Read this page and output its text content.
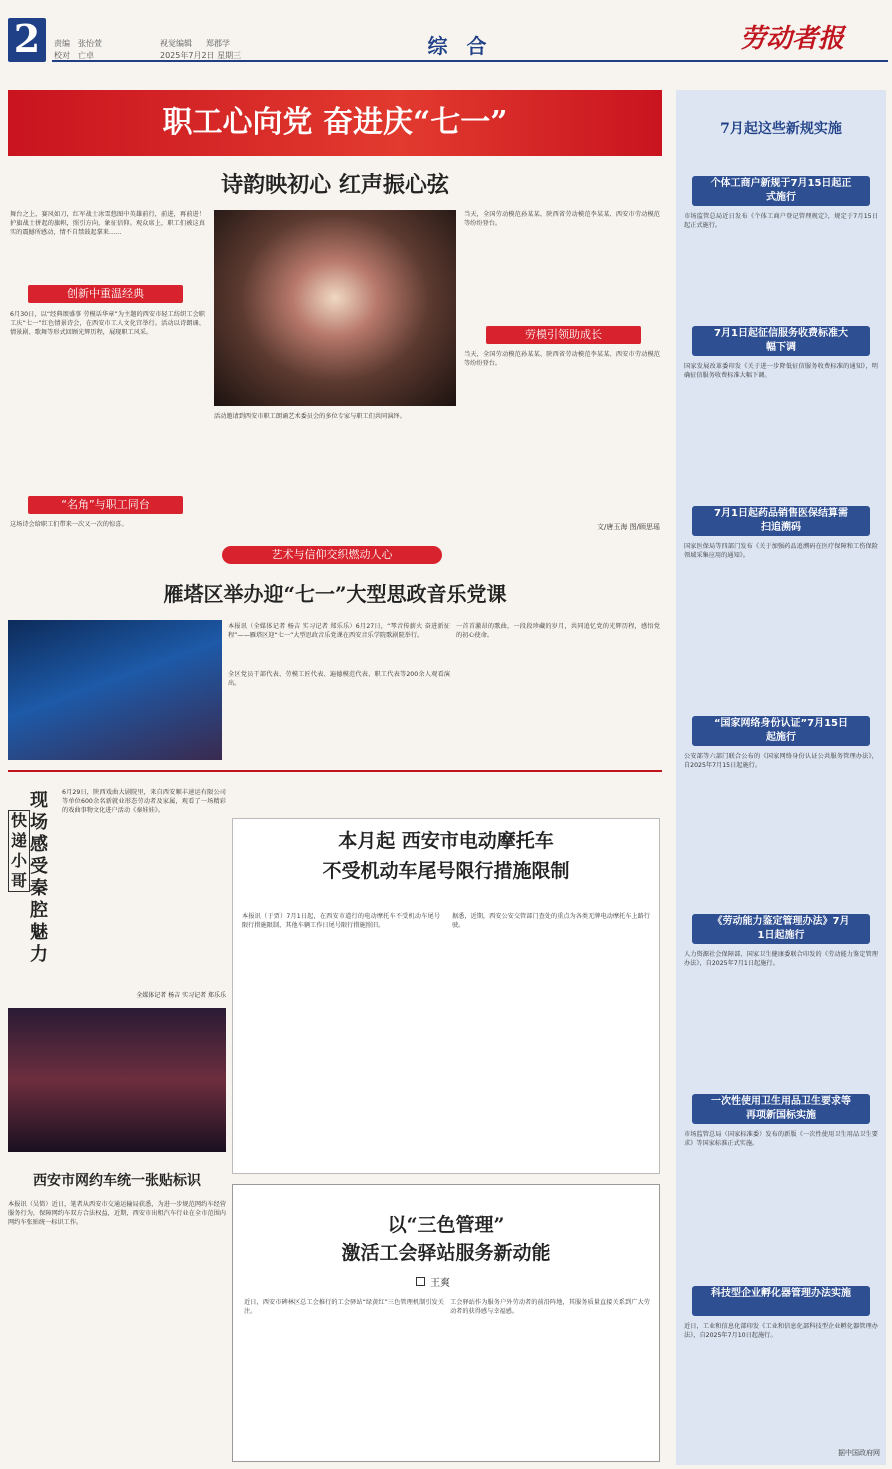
2	责编 张怡萱
校对 亡卓
视觉编辑 郑郡学
2025年7月2日 星期三	综 合	劳动者报
职工心向党 奋进庆“七一”
诗韵映初心 红声振心弦
舞台之上，赛风如刀，红军战士冰雪悠图中英雄前行，前进，再前进！护旗战士拼起的旗帜，照引方向，象征信仰。观众席上，职工们被这真实的震撼所感动，情不自禁鼓起掌来……
创新中重温经典
6月30日，以“经典颂盛事 劳模话华章”为主题的西安市轻工纺织工会职工庆“七一”红色情景诗会，在西安市工人文化宫举行。活动以诗朗诵、情景剧、歌舞等形式回顾光辉历程，展现职工风采。
“名角”与职工同台
这场诗会给职工们带来一次又一次的惊喜。
活动邀请到西安市职工朗诵艺术委员会的多位专家与职工们共同演绎。
当天，全国劳动模范孙某某、陕西省劳动模范李某某、西安市劳动模范等纷纷登台。
劳模引领助成长
当天，全国劳动模范孙某某、陕西省劳动模范李某某、西安市劳动模范等纷纷登台。
文/唐玉海 图/顾思瑶
艺术与信仰交织燃动人心
雁塔区举办迎“七一”大型思政音乐党课
本报讯（全媒体记者 杨吉 实习记者 郑乐乐）6月27日，“琴音传薪火 奋进新征程”——雁塔区迎“七一”大型思政音乐党课在西安音乐学院歌剧院举行。
全区党员干部代表、劳模工匠代表、遍德模范代表、职工代表等200余人观看演出。
一首首激昂的歌曲，一段段珍藏的岁月，共同追忆党的光辉历程，感悟党的初心使命。
现场感受秦腔魅力
快递小哥
6月29日，陕西戏曲大剧院里，来自西安顺丰速运有限公司等单位600余名新就业形态劳动者及家属，观看了一场精彩的戏曲事物文化进户活动《秦娃娃》。
全媒体记者 杨吉 实习记者 郑乐乐
本月起 西安市电动摩托车
不受机动车尾号限行措施限制
本报讯（于贾）7月1日起，在西安市道行的电动摩托车不受机动车尾号限行措施限制，其他车辆工作日尾号限行措施照旧。
据悉，近期，西安公安交管部门查处的重点为各类无牌电动摩托车上路行驶。
西安市网约车统一张贴标识
本报讯（吴简）近日，笔者从西安市交通运输局获悉，为进一步规范网约车经营服务行为，保障网约车双方合法权益，近期，西安市出租汽车行业在全市范围内网约车张贴统一标识工作。	以“三色管理”
激活工会驿站服务新动能
王爽
近日，西安市碑林区总工会推行的工会驿站“绿黄红”三色管理机制引发关注。
工会驿站作为服务户外劳动者的前沿阵地，其服务质量直接关系到广大劳动者的获得感与幸福感。
7月起这些新规实施
个体工商户新规于7月15日起正式施行
市场监管总局近日发布《个体工商户登记管理规定》，规定于7月15日起正式施行。
7月1日起征信服务收费标准大幅下调
国家发展改革委印发《关于进一步降低征信服务收费标准的通知》，明确征信服务收费标准大幅下调。
7月1日起药品销售医保结算需扫追溯码
国家医保局等四部门发布《关于加强药品追溯码在医疗保障和工伤保险领域采集应用的通知》。
“国家网络身份认证”7月15日起施行
公安部等六部门联合公布的《国家网络身份认证公共服务管理办法》，自2025年7月15日起施行。
《劳动能力鉴定管理办法》7月1日起施行
人力资源社会保障部、国家卫生健康委联合印发的《劳动能力鉴定管理办法》，自2025年7月1日起施行。
一次性使用卫生用品卫生要求等再项新国标实施
市场监管总局（国家标准委）发布的新版《一次性使用卫生用品卫生要求》等国家标准正式实施。
科技型企业孵化器管理办法实施
近日，工业和信息化部印发《工业和信息化部科技型企业孵化器管理办法》，自2025年7月10日起施行。
据中国政府网
